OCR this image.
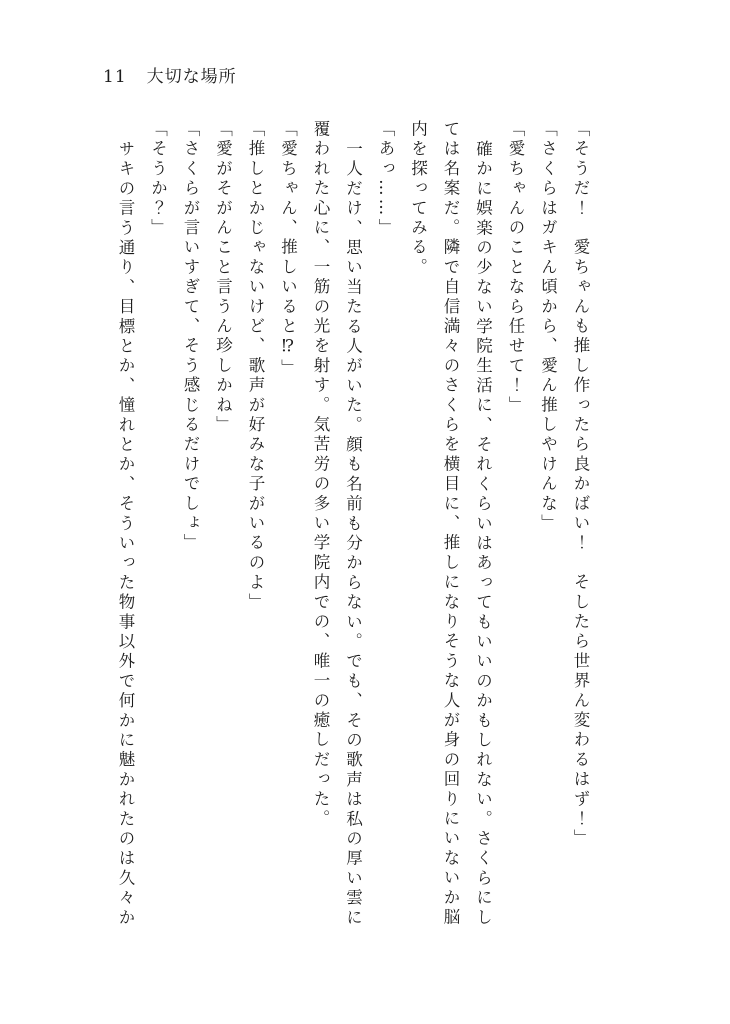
11 大切な場所

「そうだ！　愛ちゃんも推し作ったら良かばい！　そしたら世界ん変わるはず！」

「さくらはガキん頃から、愛ん推しやけんな」

「愛ちゃんのことなら任せて！」

確かに娯楽の少ない学院生活に、それくらいはあってもいいのかもしれない。さくらにしては名案だ。隣で自信満々のさくらを横目に、推しになりそうな人が身の回りにいないか脳内を探ってみる。

「あっ……」

一人だけ、思い当たる人がいた。顔も名前も分からない。でも、その歌声は私の厚い雲に覆われた心に、一筋の光を射す。気苦労の多い学院内での、唯一の癒しだった。

「愛ちゃん、推しいると⁉」

「推しとかじゃないけど、歌声が好みな子がいるのよ」

「愛がそがんこと言うん珍しかね」

「さくらが言いすぎて、そう感じるだけでしょ」

「そうか？」

サキの言う通り、目標とか、憧れとか、そういった物事以外で何かに魅かれたのは久々か
